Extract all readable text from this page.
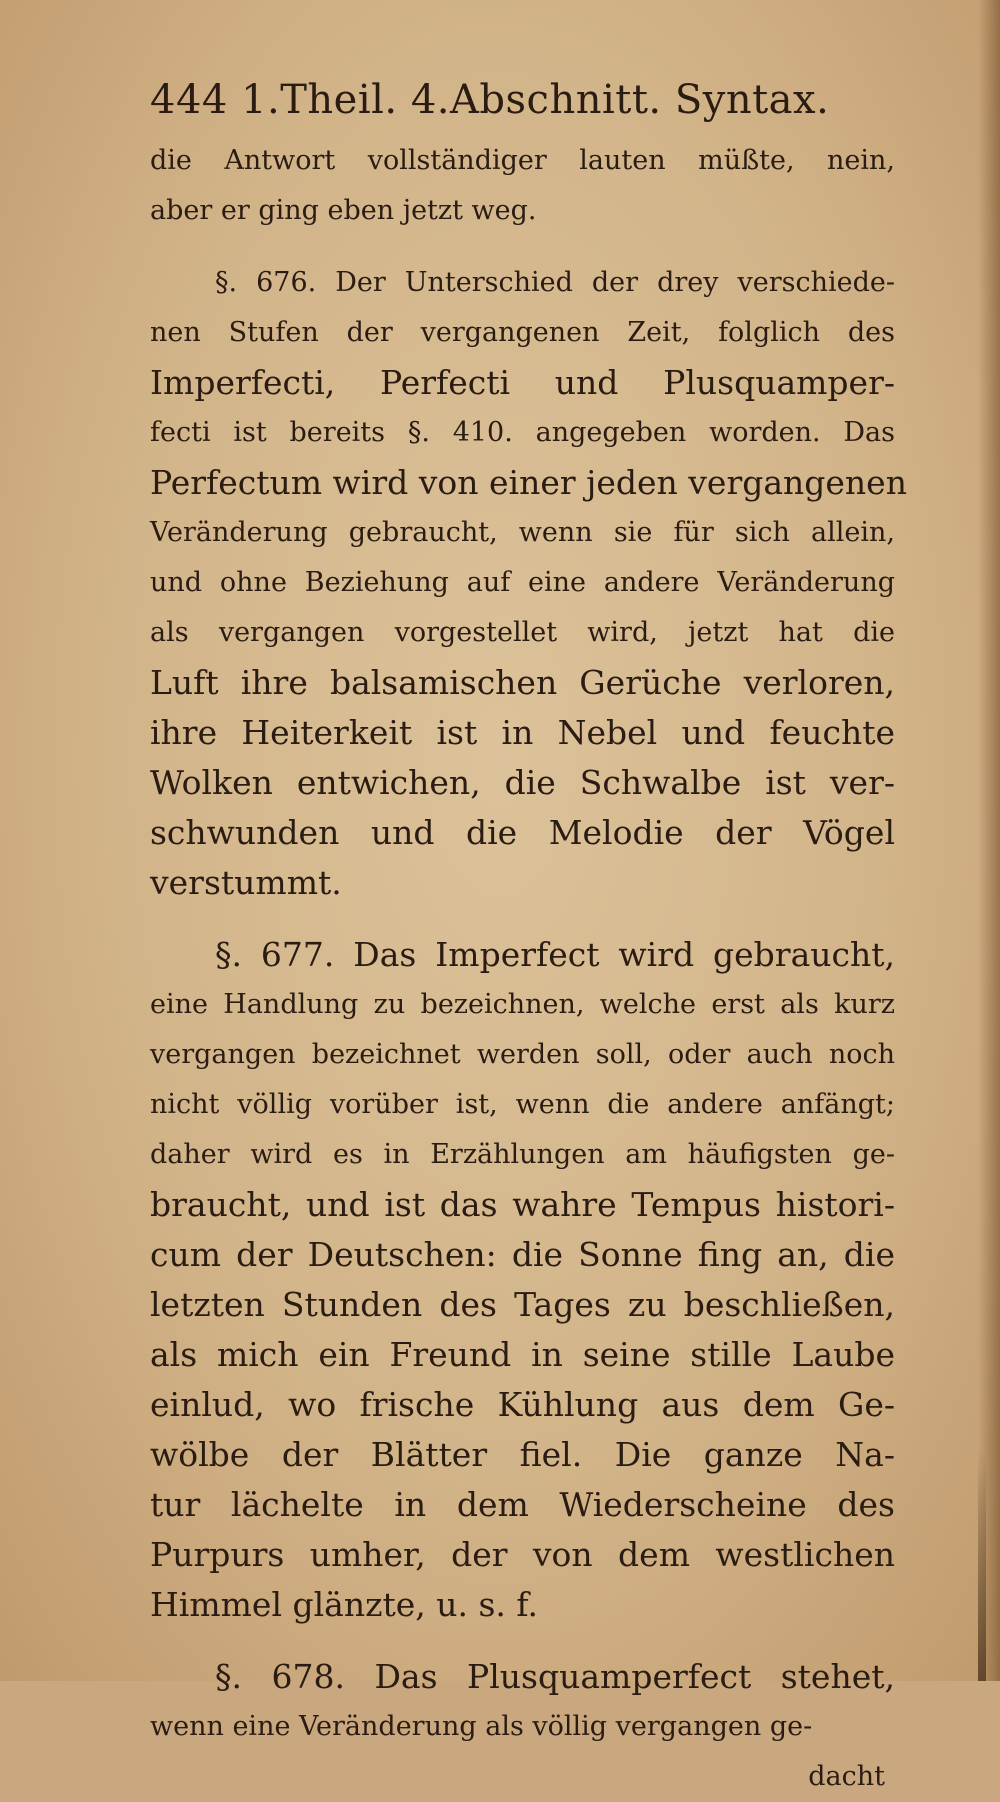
444 1.Theil. 4.Abschnitt. Syntax.
die Antwort vollständiger lauten müßte, nein,
aber er ging eben jetzt weg.
§. 676. Der Unterschied der drey verschiede-
nen Stufen der vergangenen Zeit, folglich des
Imperfecti, Perfecti und Plusquamper-
fecti ist bereits §. 410. angegeben worden. Das
Perfectum wird von einer jeden vergangenen
Veränderung gebraucht, wenn sie für sich allein,
und ohne Beziehung auf eine andere Veränderung
als vergangen vorgestellet wird, jetzt hat die
Luft ihre balsamischen Gerüche verloren,
ihre Heiterkeit ist in Nebel und feuchte
Wolken entwichen, die Schwalbe ist ver-
schwunden und die Melodie der Vögel
verstummt.
§. 677. Das Imperfect wird gebraucht,
eine Handlung zu bezeichnen, welche erst als kurz
vergangen bezeichnet werden soll, oder auch noch
nicht völlig vorüber ist, wenn die andere anfängt;
daher wird es in Erzählungen am häufigsten ge-
braucht, und ist das wahre Tempus histori-
cum der Deutschen: die Sonne fing an, die
letzten Stunden des Tages zu beschließen,
als mich ein Freund in seine stille Laube
einlud, wo frische Kühlung aus dem Ge-
wölbe der Blätter fiel. Die ganze Na-
tur lächelte in dem Wiederscheine des
Purpurs umher, der von dem westlichen
Himmel glänzte, u. s. f.
§. 678. Das Plusquamperfect stehet,
wenn eine Veränderung als völlig vergangen ge-
dacht
